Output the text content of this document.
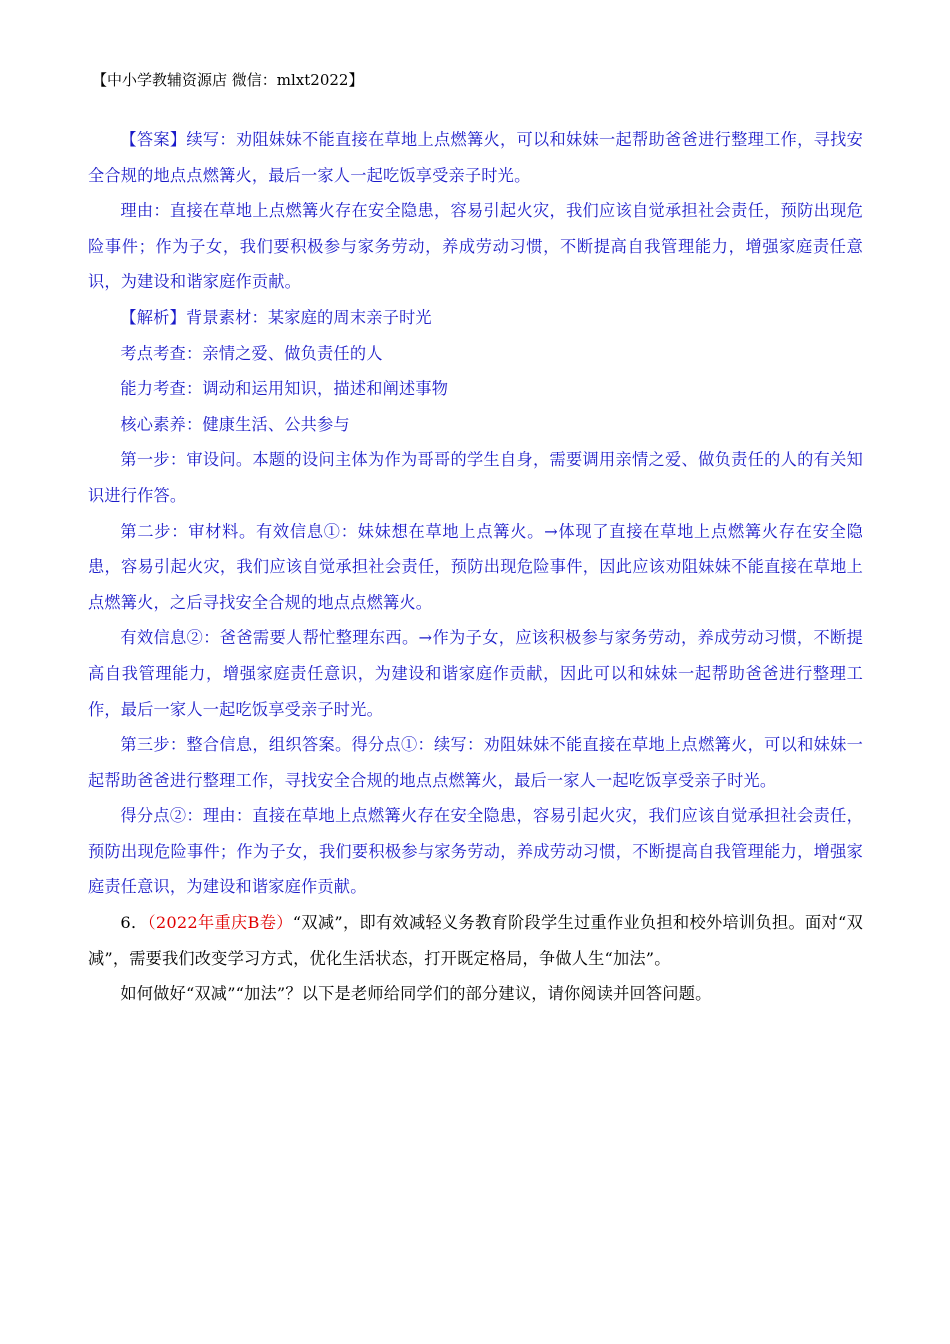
【中小学教辅资源店 微信：mlxt2022】

【答案】续写：劝阻妹妹不能直接在草地上点燃篝火，可以和妹妹一起帮助爸爸进行整理工作，寻找安全合规的地点点燃篝火，最后一家人一起吃饭享受亲子时光。

理由：直接在草地上点燃篝火存在安全隐患，容易引起火灾，我们应该自觉承担社会责任，预防出现危险事件；作为子女，我们要积极参与家务劳动，养成劳动习惯，不断提高自我管理能力，增强家庭责任意识，为建设和谐家庭作贡献。

【解析】背景素材：某家庭的周末亲子时光

考点考查：亲情之爱、做负责任的人

能力考查：调动和运用知识，描述和阐述事物

核心素养：健康生活、公共参与

第一步：审设问。本题的设问主体为作为哥哥的学生自身，需要调用亲情之爱、做负责任的人的有关知识进行作答。

第二步：审材料。有效信息①：妹妹想在草地上点篝火。→体现了直接在草地上点燃篝火存在安全隐患，容易引起火灾，我们应该自觉承担社会责任，预防出现危险事件，因此应该劝阻妹妹不能直接在草地上点燃篝火，之后寻找安全合规的地点点燃篝火。

有效信息②：爸爸需要人帮忙整理东西。→作为子女，应该积极参与家务劳动，养成劳动习惯，不断提高自我管理能力，增强家庭责任意识，为建设和谐家庭作贡献，因此可以和妹妹一起帮助爸爸进行整理工作，最后一家人一起吃饭享受亲子时光。

第三步：整合信息，组织答案。得分点①：续写：劝阻妹妹不能直接在草地上点燃篝火，可以和妹妹一起帮助爸爸进行整理工作，寻找安全合规的地点点燃篝火，最后一家人一起吃饭享受亲子时光。

得分点②：理由：直接在草地上点燃篝火存在安全隐患，容易引起火灾，我们应该自觉承担社会责任，预防出现危险事件；作为子女，我们要积极参与家务劳动，养成劳动习惯，不断提高自我管理能力，增强家庭责任意识，为建设和谐家庭作贡献。

6．（2022年重庆B卷）“双减”，即有效减轻义务教育阶段学生过重作业负担和校外培训负担。面对“双减”，需要我们改变学习方式，优化生活状态，打开既定格局，争做人生“加法”。

如何做好“双减”“加法”？以下是老师给同学们的部分建议，请你阅读并回答问题。
